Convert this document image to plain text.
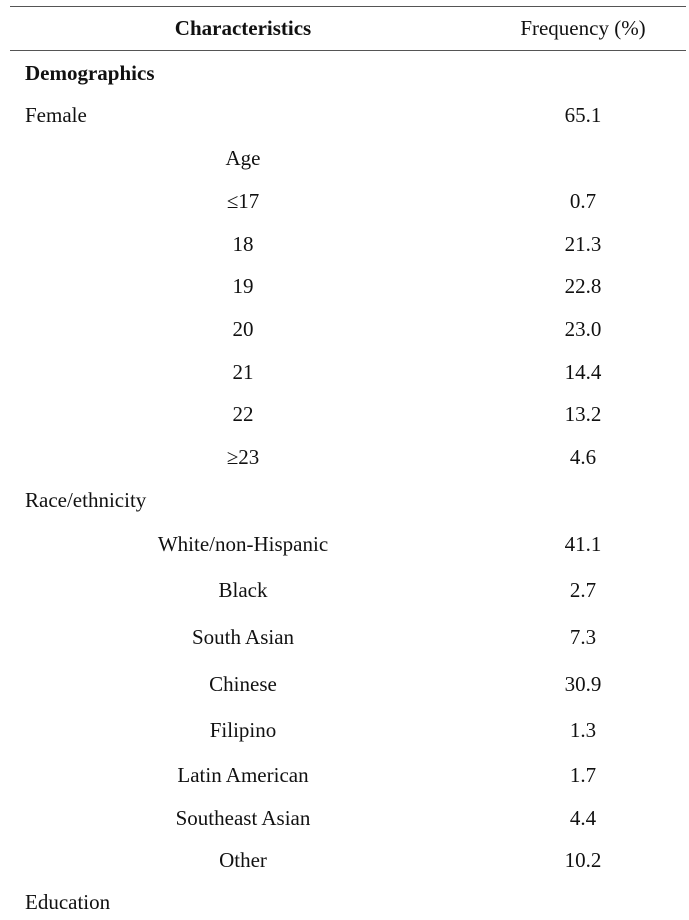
Characteristics	Frequency (%)
Demographics
Female	65.1
Age
≤17	0.7
18	21.3
19	22.8
20	23.0
21	14.4
22	13.2
≥23	4.6
Race/ethnicity
White/non-Hispanic	41.1
Black	2.7
South Asian	7.3
Chinese	30.9
Filipino	1.3
Latin American	1.7
Southeast Asian	4.4
Other	10.2
Education
